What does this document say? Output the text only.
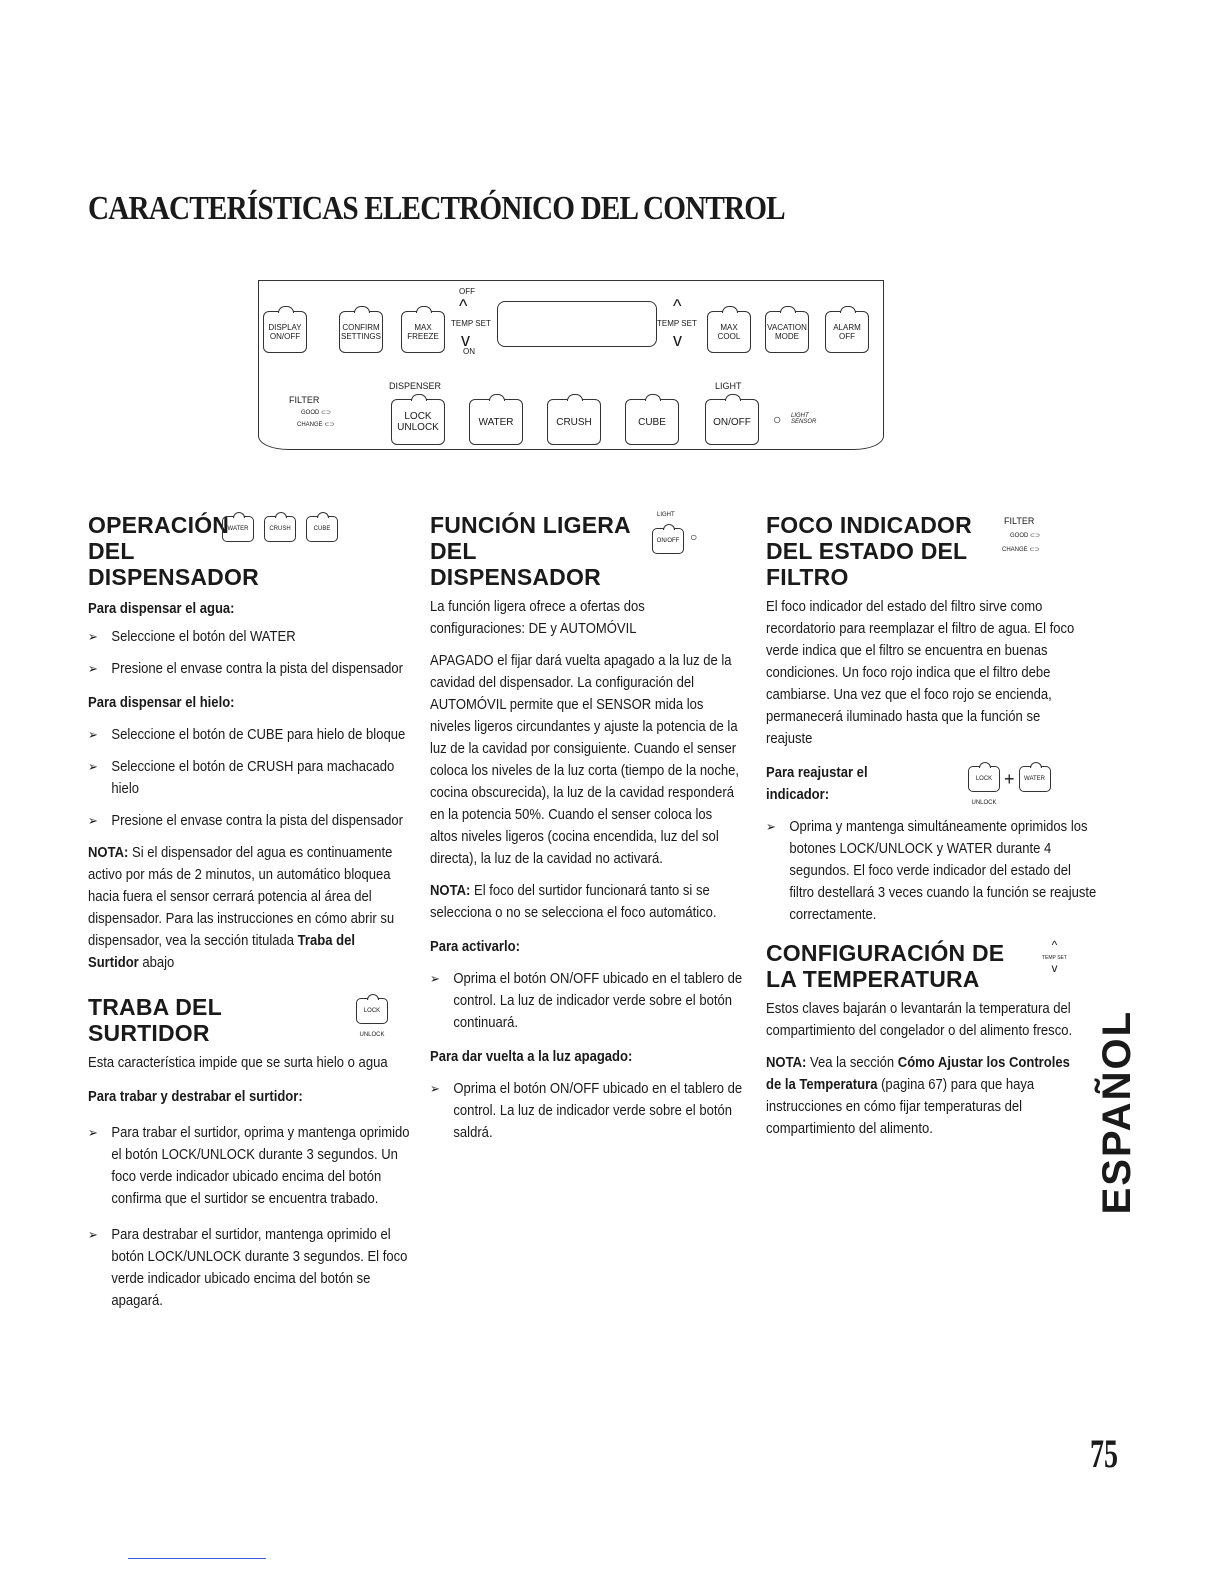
CARACTERÍSTICAS ELECTRÓNICO DEL CONTROL
DISPLAY ON/OFF
CONFIRM SETTINGS
MAX FREEZE
OFF
^
TEMP SET
v
ON
TEMP SET
^
v
MAX COOL
VACATION MODE
ALARM OFF
FILTER
GOOD ⊂⊃
CHANGE ⊂⊃
DISPENSER	LIGHT
LOCK UNLOCK	WATER	CRUSH	CUBE	ON/OFF	○ LIGHT SENSOR
OPERACIÓN DEL DISPENSADOR
WATER	CRUSH	CUBE
Para dispensar el agua:
➢ Seleccione el botón del WATER
➢ Presione el envase contra la pista del dispensador
Para dispensar el hielo:
➢ Seleccione el botón de CUBE para hielo de bloque
➢ Seleccione el botón de CRUSH para machacado hielo
➢ Presione el envase contra la pista del dispensador

NOTA: Si el dispensador del agua es continuamente activo por más de 2 minutos, un automático bloquea hacia fuera el sensor cerrará potencia al área del dispensador. Para las instrucciones en cómo abrir su dispensador, vea la sección titulada Traba del Surtidor abajo

TRABA DEL SURTIDOR
LOCK UNLOCK

Esta característica impide que se surta hielo o agua

Para trabar y destrabar el surtidor:
➢ Para trabar el surtidor, oprima y mantenga oprimido el botón LOCK/UNLOCK durante 3 segundos. Un foco verde indicador ubicado encima del botón confirma que el surtidor se encuentra trabado.
➢ Para destrabar el surtidor, mantenga oprimido el botón LOCK/UNLOCK durante 3 segundos. El foco verde indicador ubicado encima del botón se apagará.
FUNCIÓN LIGERA DEL DISPENSADOR
ON/OFF ○
LIGHT

La función ligera ofrece a ofertas dos configuraciones: DE y AUTOMÓVIL

APAGADO el fijar dará vuelta apagado a la luz de la cavidad del dispensador. La configuración del AUTOMÓVIL permite que el SENSOR mida los niveles ligeros circundantes y ajuste la potencia de la luz de la cavidad por consiguiente. Cuando el senser coloca los niveles de la luz corta (tiempo de la noche, cocina obscurecida), la luz de la cavidad responderá en la potencia 50%. Cuando el senser coloca los altos niveles ligeros (cocina encendida, luz del sol directa), la luz de la cavidad no activará.

NOTA: El foco del surtidor funcionará tanto si se selecciona o no se selecciona el foco automático.

Para activarlo:
➢ Oprima el botón ON/OFF ubicado en el tablero de control. La luz de indicador verde sobre el botón continuará.
Para dar vuelta a la luz apagado:
➢ Oprima el botón ON/OFF ubicado en el tablero de control. La luz de indicador verde sobre el botón saldrá.
FOCO INDICADOR DEL ESTADO DEL FILTRO
FILTER
GOOD ⊂⊃
CHANGE ⊂⊃

El foco indicador del estado del filtro sirve como recordatorio para reemplazar el filtro de agua. El foco verde indica que el filtro se encuentra en buenas condiciones. Un foco rojo indica que el filtro debe cambiarse. Una vez que el foco rojo se encienda, permanecerá iluminado hasta que la función se reajuste

Para reajustar el indicador:
LOCK UNLOCK
+	WATER
➢ Oprima y mantenga simultáneamente oprimidos los botones LOCK/UNLOCK y WATER durante 4 segundos. El foco verde indicador del estado del filtro destellará 3 veces cuando la función se reajuste correctamente.
CONFIGURACIÓN DE LA TEMPERATURA
^
TEMP SET
v

Estos claves bajarán o levantarán la temperatura del compartimiento del congelador o del alimento fresco.

NOTA: Vea la sección Cómo Ajustar los Controles de la Temperatura (pagina 67) para que haya instrucciones en cómo fijar temperaturas del compartimiento del alimento.	ESPAÑOL
75
